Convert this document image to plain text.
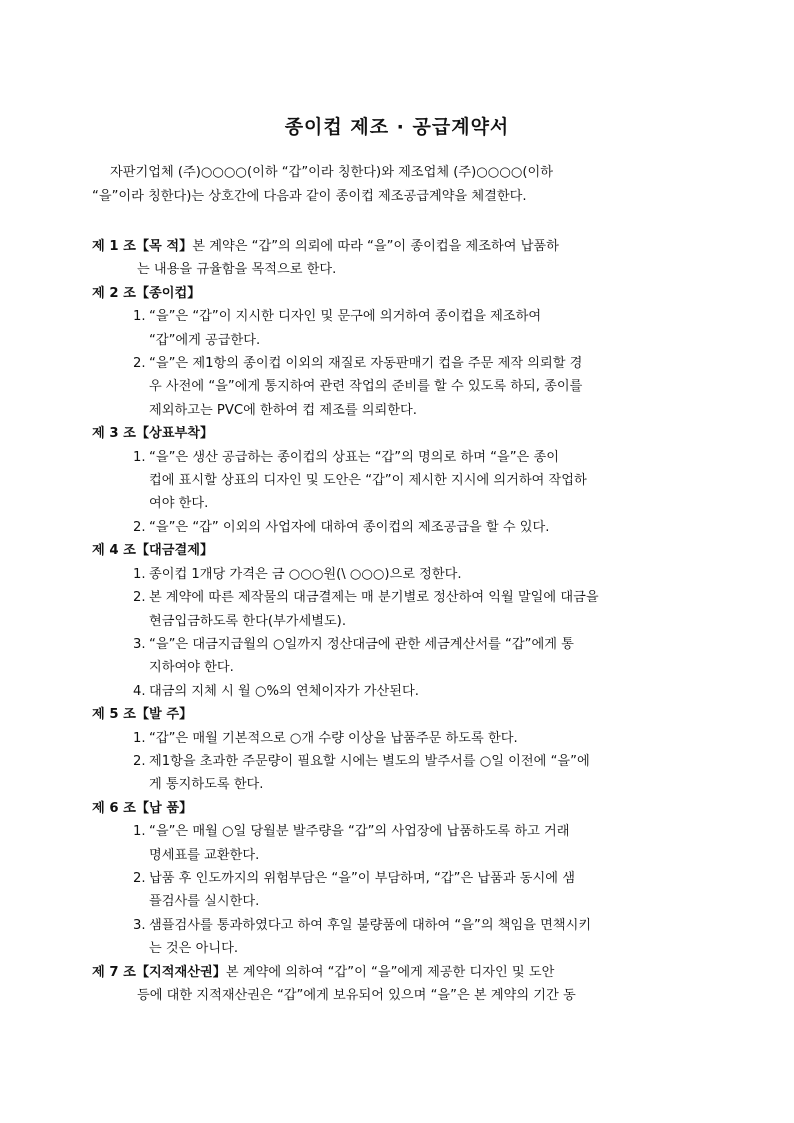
종이컵 제조 · 공급계약서

자판기업체 (주)○○○○(이하 “갑”이라 칭한다)와 제조업체 (주)○○○○(이하

“을”이라 칭한다)는 상호간에 다음과 같이 종이컵 제조공급계약을 체결한다.

제 1 조【목 적】본 계약은 “갑”의 의뢰에 따라 “을”이 종이컵을 제조하여 납품하
는 내용을 규율함을 목적으로 한다.
제 2 조【종이컵】
1. “을”은 “갑”이 지시한 디자인 및 문구에 의거하여 종이컵을 제조하여
“갑”에게 공급한다.
2. “을”은 제1항의 종이컵 이외의 재질로 자동판매기 컵을 주문 제작 의뢰할 경
우 사전에 “을”에게 통지하여 관련 작업의 준비를 할 수 있도록 하되, 종이를
제외하고는 PVC에 한하여 컵 제조를 의뢰한다.
제 3 조【상표부착】
1. “을”은 생산 공급하는 종이컵의 상표는 “갑”의 명의로 하며 “을”은 종이
컵에 표시할 상표의 디자인 및 도안은 “갑”이 제시한 지시에 의거하여 작업하
여야 한다.
2. “을”은 “갑” 이외의 사업자에 대하여 종이컵의 제조공급을 할 수 있다.
제 4 조【대금결제】
1. 종이컵 1개당 가격은 금 ○○○원(\ ○○○)으로 정한다.
2. 본 계약에 따른 제작물의 대금결제는 매 분기별로 정산하여 익월 말일에 대금을
현금입금하도록 한다(부가세별도).
3. “을”은 대금지급월의 ○일까지 정산대금에 관한 세금계산서를 “갑”에게 통
지하여야 한다.
4. 대금의 지체 시 월 ○%의 연체이자가 가산된다.
제 5 조【발 주】
1. “갑”은 매월 기본적으로 ○개 수량 이상을 납품주문 하도록 한다.
2. 제1항을 초과한 주문량이 필요할 시에는 별도의 발주서를 ○일 이전에 “을”에
게 통지하도록 한다.
제 6 조【납 품】
1. “을”은 매월 ○일 당월분 발주량을 “갑”의 사업장에 납품하도록 하고 거래
명세표를 교환한다.
2. 납품 후 인도까지의 위험부담은 “을”이 부담하며, “갑”은 납품과 동시에 샘
플검사를 실시한다.
3. 샘플검사를 통과하였다고 하여 후일 불량품에 대하여 “을”의 책임을 면책시키
는 것은 아니다.
제 7 조【지적재산권】본 계약에 의하여 “갑”이 “을”에게 제공한 디자인 및 도안
등에 대한 지적재산권은 “갑”에게 보유되어 있으며 “을”은 본 계약의 기간 동
